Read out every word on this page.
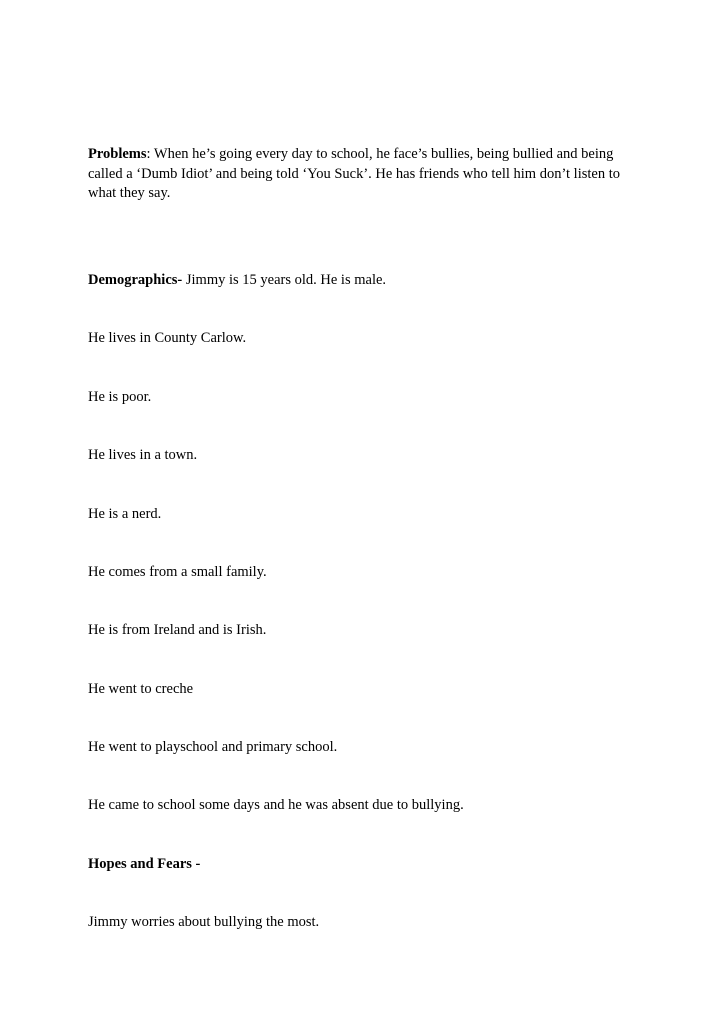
Problems: When he’s going every day to school, he face’s bullies, being bullied and being called a ‘Dumb Idiot’ and being told ‘You Suck’. He has friends who tell him don’t listen to what they say.

Demographics- Jimmy is 15 years old. He is male.

He lives in County Carlow.

He is poor.

He lives in a town.

He is a nerd.

He comes from a small family.

He is from Ireland and is Irish.

He went to creche

He went to playschool and primary school.

He came to school some days and he was absent due to bullying.

Hopes and Fears -

Jimmy worries about bullying the most.
